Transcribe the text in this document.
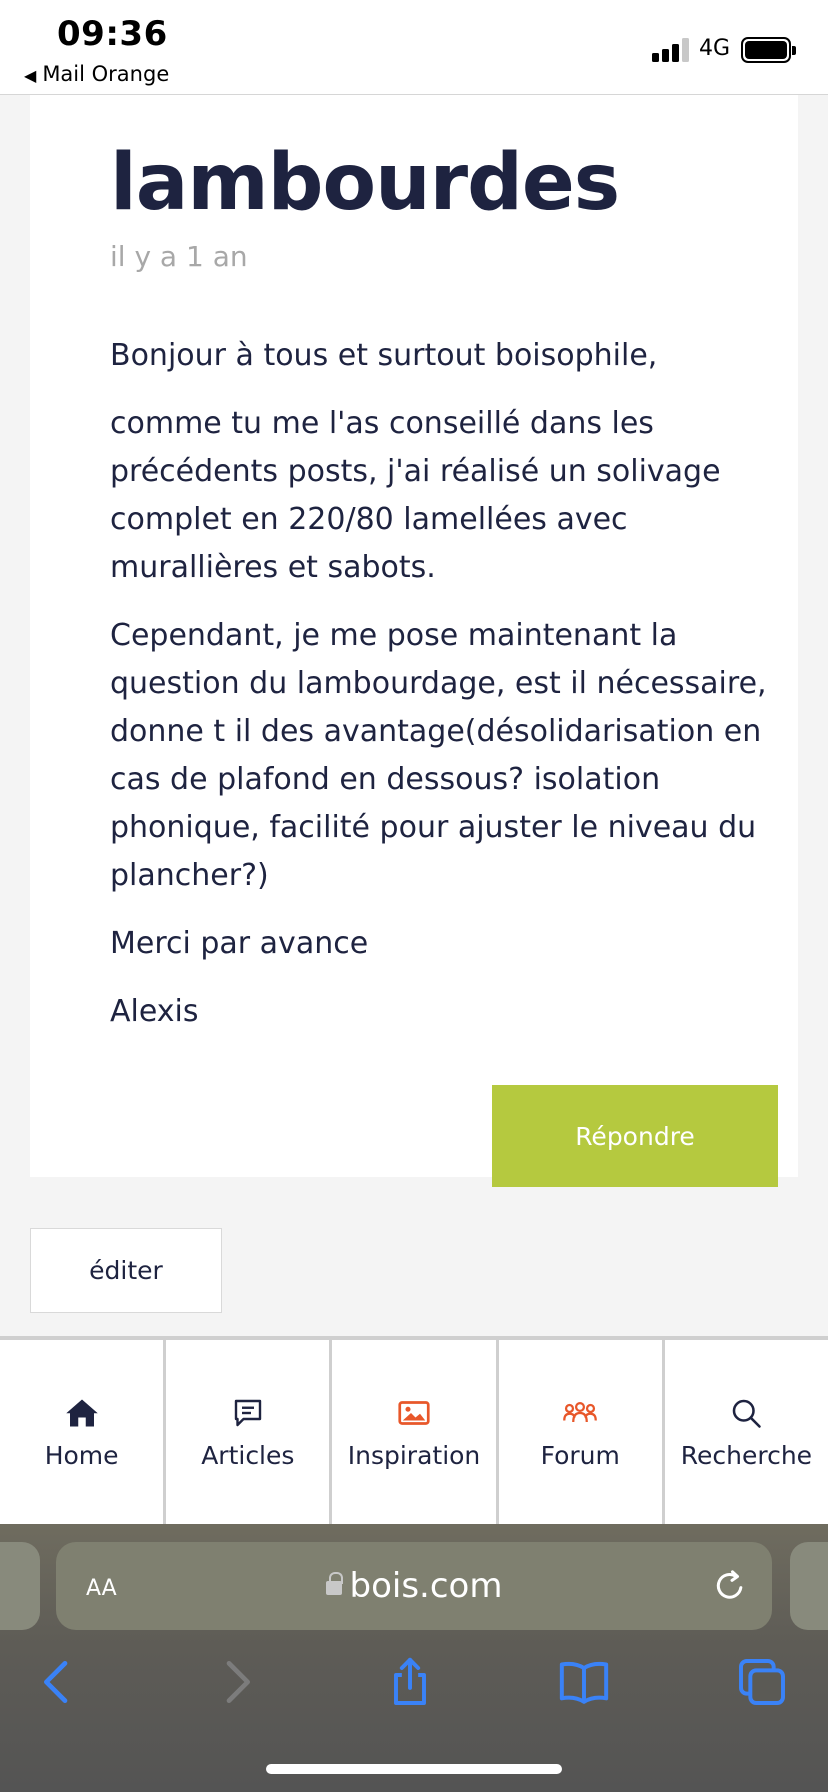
09:36
◀ Mail Orange
4G
lambourdes
il y a 1 an

Bonjour à tous et surtout boisophile,

comme tu me l'as conseillé dans les précédents posts, j'ai réalisé un solivage complet en 220/80 lamellées avec murallières et sabots.

Cependant, je me pose maintenant la question du lambourdage, est il nécessaire, donne t il des avantage(désolidarisation en cas de plafond en dessous? isolation phonique, facilité pour ajuster le niveau du plancher?)

Merci par avance

Alexis

Répondre
éditer
Home	Articles Inspiration Forum Recherche
AA	bois.com
